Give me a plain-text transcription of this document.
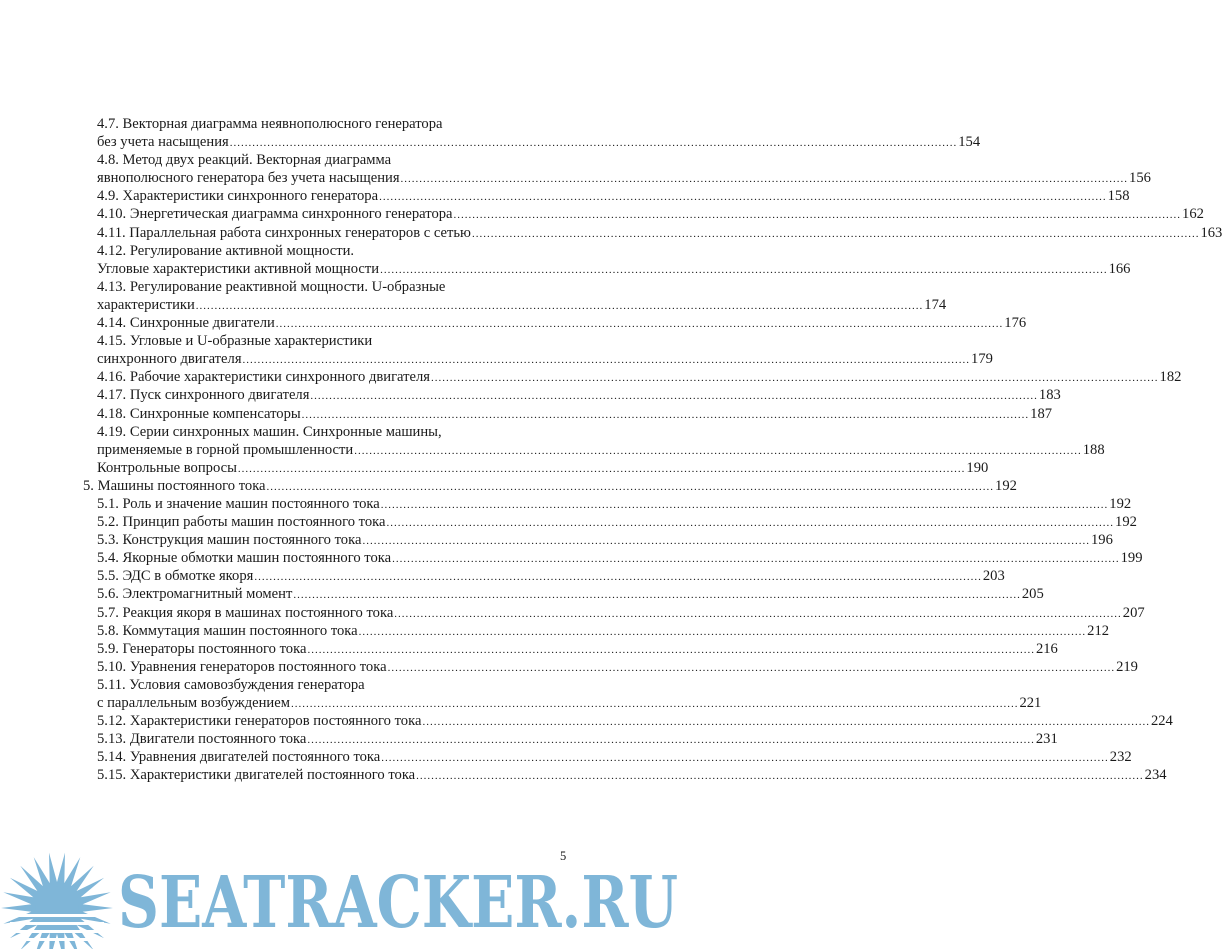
4.7. Векторная диаграмма неявнополюсного генератора
без учета насыщения .....	154
4.8. Метод двух реакций. Векторная диаграмма
явнополюсного генератора без учета насыщения .....	156
4.9. Характеристики синхронного генератора .....	158
4.10. Энергетическая диаграмма синхронного генератора .....	162
4.11. Параллельная работа синхронных генераторов с сетью .....	163
4.12. Регулирование активной мощности.
Угловые характеристики активной мощности .....	166
4.13. Регулирование реактивной мощности. U-образные
характеристики .....	174
4.14. Синхронные двигатели .....	176
4.15. Угловые и U-образные характеристики
синхронного двигателя .....	179
4.16. Рабочие характеристики синхронного двигателя .....	182
4.17. Пуск синхронного двигателя .....	183
4.18. Синхронные компенсаторы .....	187
4.19. Серии синхронных машин. Синхронные машины,
применяемые в горной промышленности .....	188
Контрольные вопросы .....	190
5. Машины постоянного тока .....	192
5.1. Роль и значение машин постоянного тока .....	192
5.2. Принцип работы машин постоянного тока .....	192
5.3. Конструкция машин постоянного тока .....	196
5.4. Якорные обмотки машин постоянного тока .....	199
5.5. ЭДС в обмотке якоря .....	203
5.6. Электромагнитный момент .....	205
5.7. Реакция якоря в машинах постоянного тока .....	207
5.8. Коммутация машин постоянного тока .....	212
5.9. Генераторы постоянного тока .....	216
5.10. Уравнения генераторов постоянного тока .....	219
5.11. Условия самовозбуждения генератора
с параллельным возбуждением .....	221
5.12. Характеристики генераторов постоянного тока .....	224
5.13. Двигатели постоянного тока .....	231
5.14. Уравнения двигателей постоянного тока .....	232
5.15. Характеристики двигателей постоянного тока .....	234
5
SEATRACKER.RU
